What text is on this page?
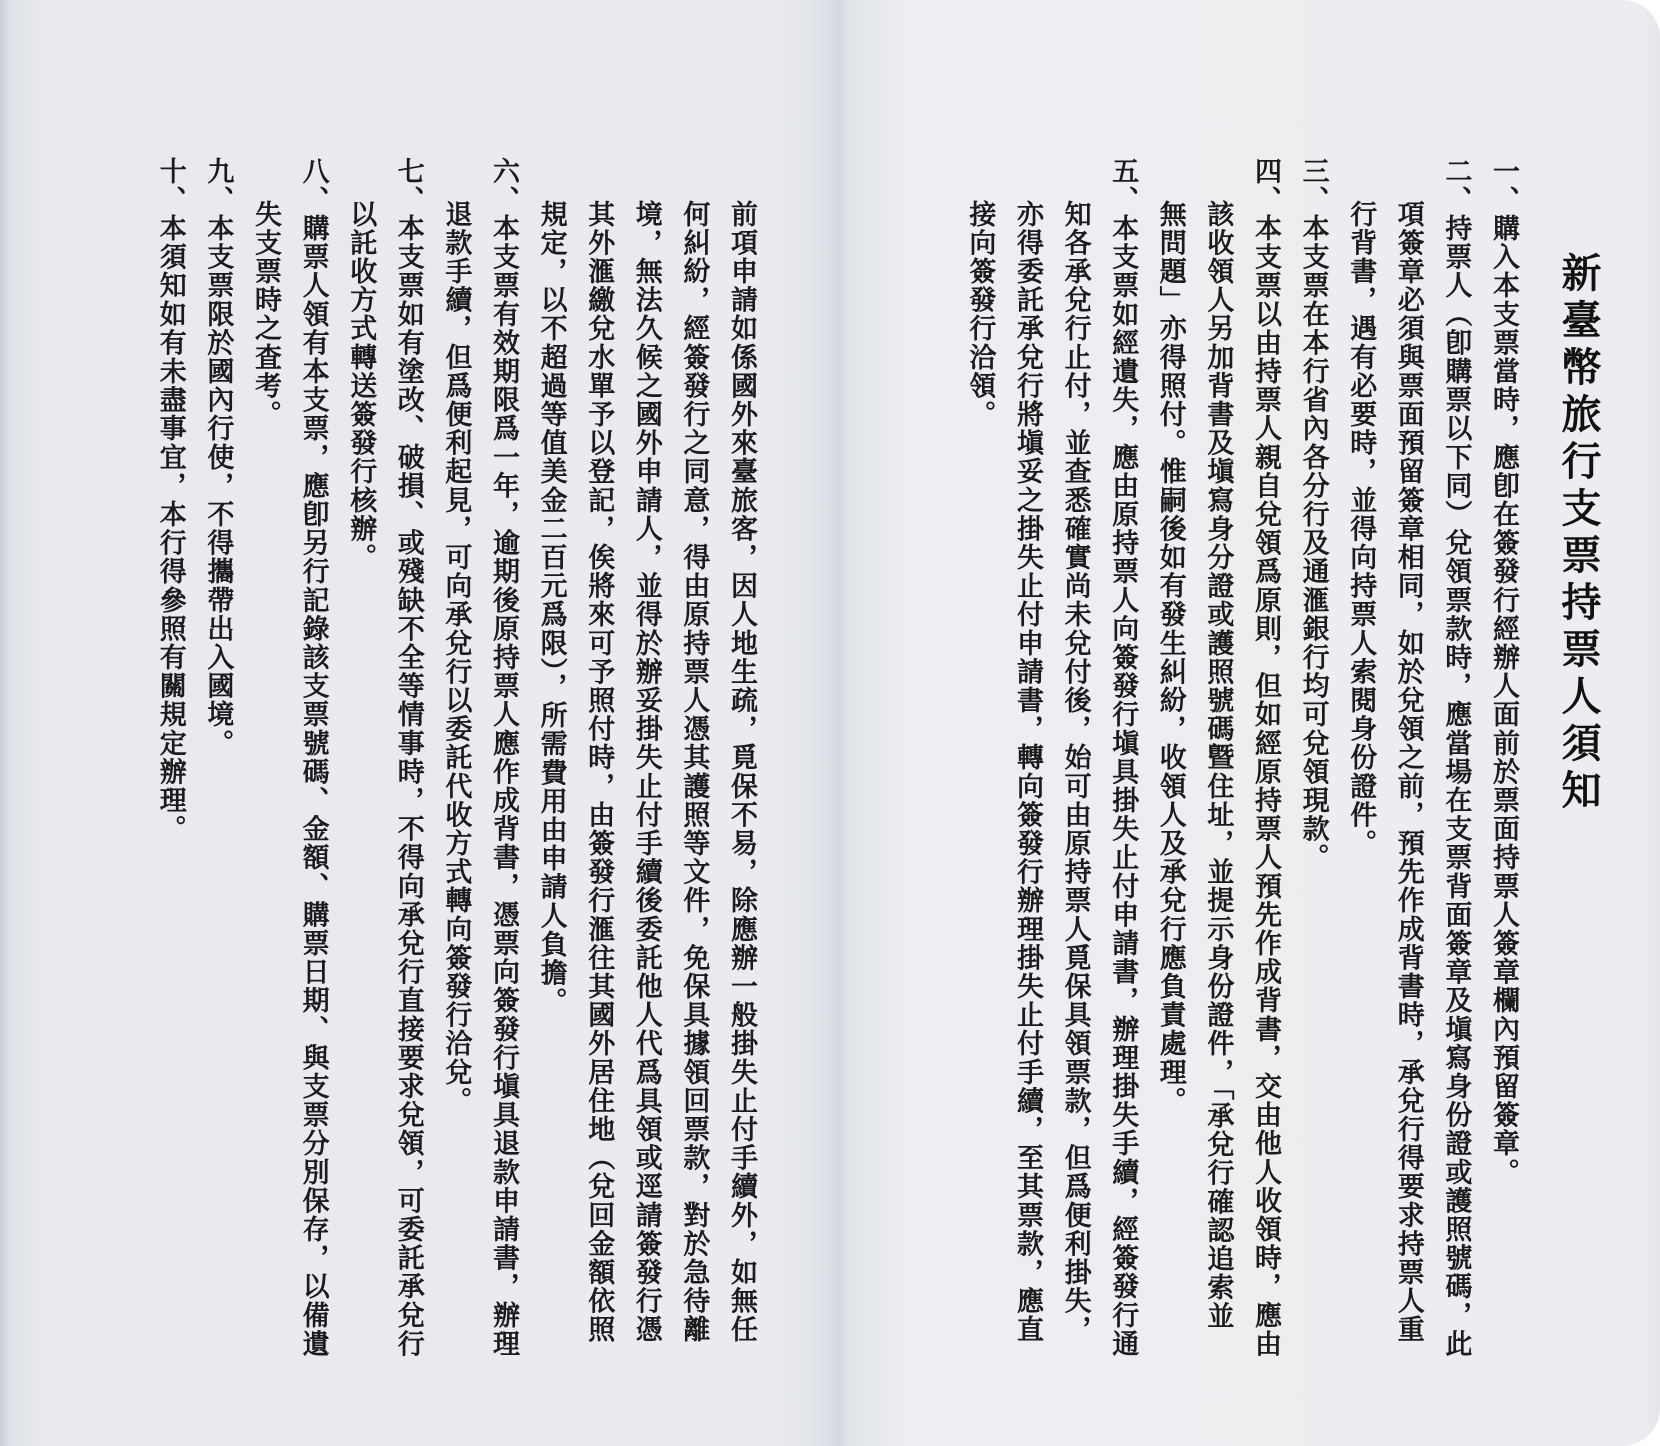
新臺幣旅行支票持票人須知
一、購入本支票當時，應卽在簽發行經辦人面前於票面持票人簽章欄內預留簽章。
二、持票人（卽購票以下同）兌領票款時，應當場在支票背面簽章及塡寫身份證或護照號碼，此
項簽章必須與票面預留簽章相同，如於兌領之前，預先作成背書時，承兌行得要求持票人重
行背書，遇有必要時，並得向持票人索閱身份證件。
三、本支票在本行省內各分行及通滙銀行均可兌領現款。
四、本支票以由持票人親自兌領爲原則，但如經原持票人預先作成背書，交由他人收領時，應由
該收領人另加背書及塡寫身分證或護照號碼曁住址，並提示身份證件，「承兌行確認追索並
無問題」亦得照付。惟嗣後如有發生糾紛，收領人及承兌行應負責處理。
五、本支票如經遺失，應由原持票人向簽發行塡具掛失止付申請書，辦理掛失手續，經簽發行通
知各承兌行止付，並查悉確實尚未兌付後，始可由原持票人覓保具領票款，但爲便利掛失，
亦得委託承兌行將塡妥之掛失止付申請書，轉向簽發行辦理掛失止付手續，至其票款，應直
接向簽發行洽領。
前項申請如係國外來臺旅客，因人地生疏，覓保不易，除應辦一般掛失止付手續外，如無任
何糾紛，經簽發行之同意，得由原持票人憑其護照等文件，免保具據領回票款，對於急待離
境，無法久候之國外申請人，並得於辦妥掛失止付手續後委託他人代爲具領或逕請簽發行憑
其外滙繳兌水單予以登記，俟將來可予照付時，由簽發行滙往其國外居住地（兌回金額依照
規定，以不超過等值美金二百元爲限），所需費用由申請人負擔。
六、本支票有效期限爲一年，逾期後原持票人應作成背書，憑票向簽發行塡具退款申請書，辦理
退款手續，但爲便利起見，可向承兌行以委託代收方式轉向簽發行洽兌。
七、本支票如有塗改、破損、或殘缺不全等情事時，不得向承兌行直接要求兌領，可委託承兌行
以託收方式轉送簽發行核辦。
八、購票人領有本支票，應卽另行記錄該支票號碼、金額、購票日期、與支票分別保存，以備遺
失支票時之査考。
九、本支票限於國內行使，不得攜帶出入國境。
十、本須知如有未盡事宜，本行得參照有關規定辦理。
